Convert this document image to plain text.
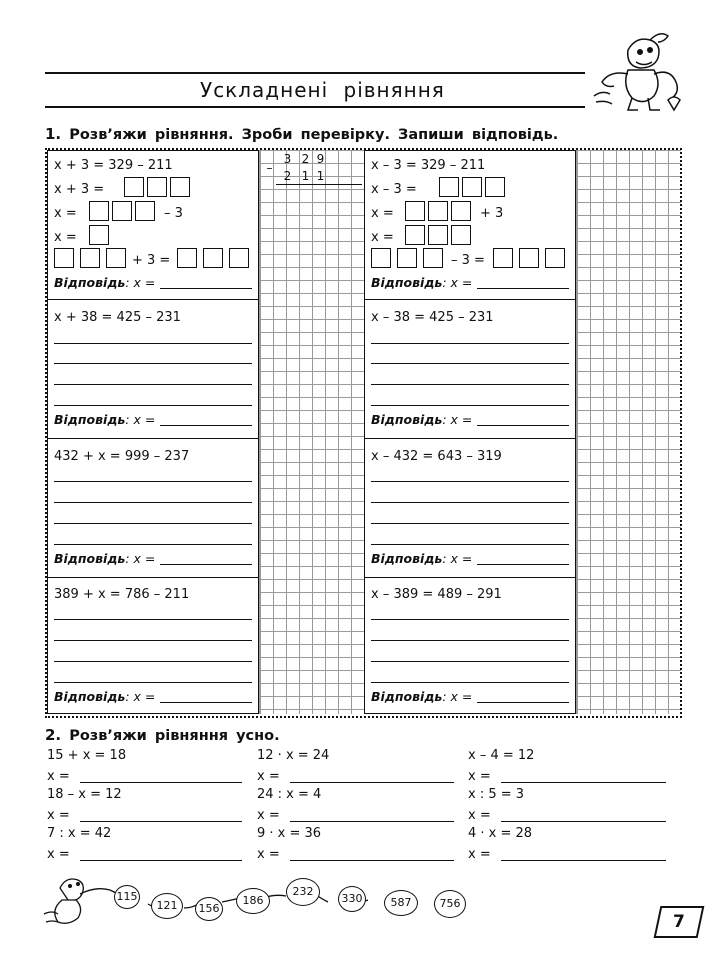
Ускладнені рівняння
1. Розв’яжи рівняння. Зроби перевірку. Запиши відповідь.
–
3 2 9
2 1 1
x + 3 = 329 – 211
x + 3 =
x =	– 3
x =
+ 3 =
Відповідь: x =
x – 3 = 329 – 211
x – 3 =
x =	+ 3
x =
– 3 =
Відповідь: x =
x + 38 = 425 – 231
Відповідь: x =
432 + x = 999 – 237
Відповідь: x =
389 + x = 786 – 211
Відповідь: x =
x – 38 = 425 – 231
Відповідь: x =
x – 432 = 643 – 319
Відповідь: x =
x – 389 = 489 – 291
Відповідь: x =
2. Розв’яжи рівняння усно.
15 + x = 18	12 · x = 24	x – 4 = 12
x =	x =	x =
18 – x = 12	24 : x = 4	x : 5 = 3
x =	x =	x =
7 : x = 42	9 · x = 36	4 · x = 28
x =	x =	x =
115
121	156
186
232
330	587	756
7
